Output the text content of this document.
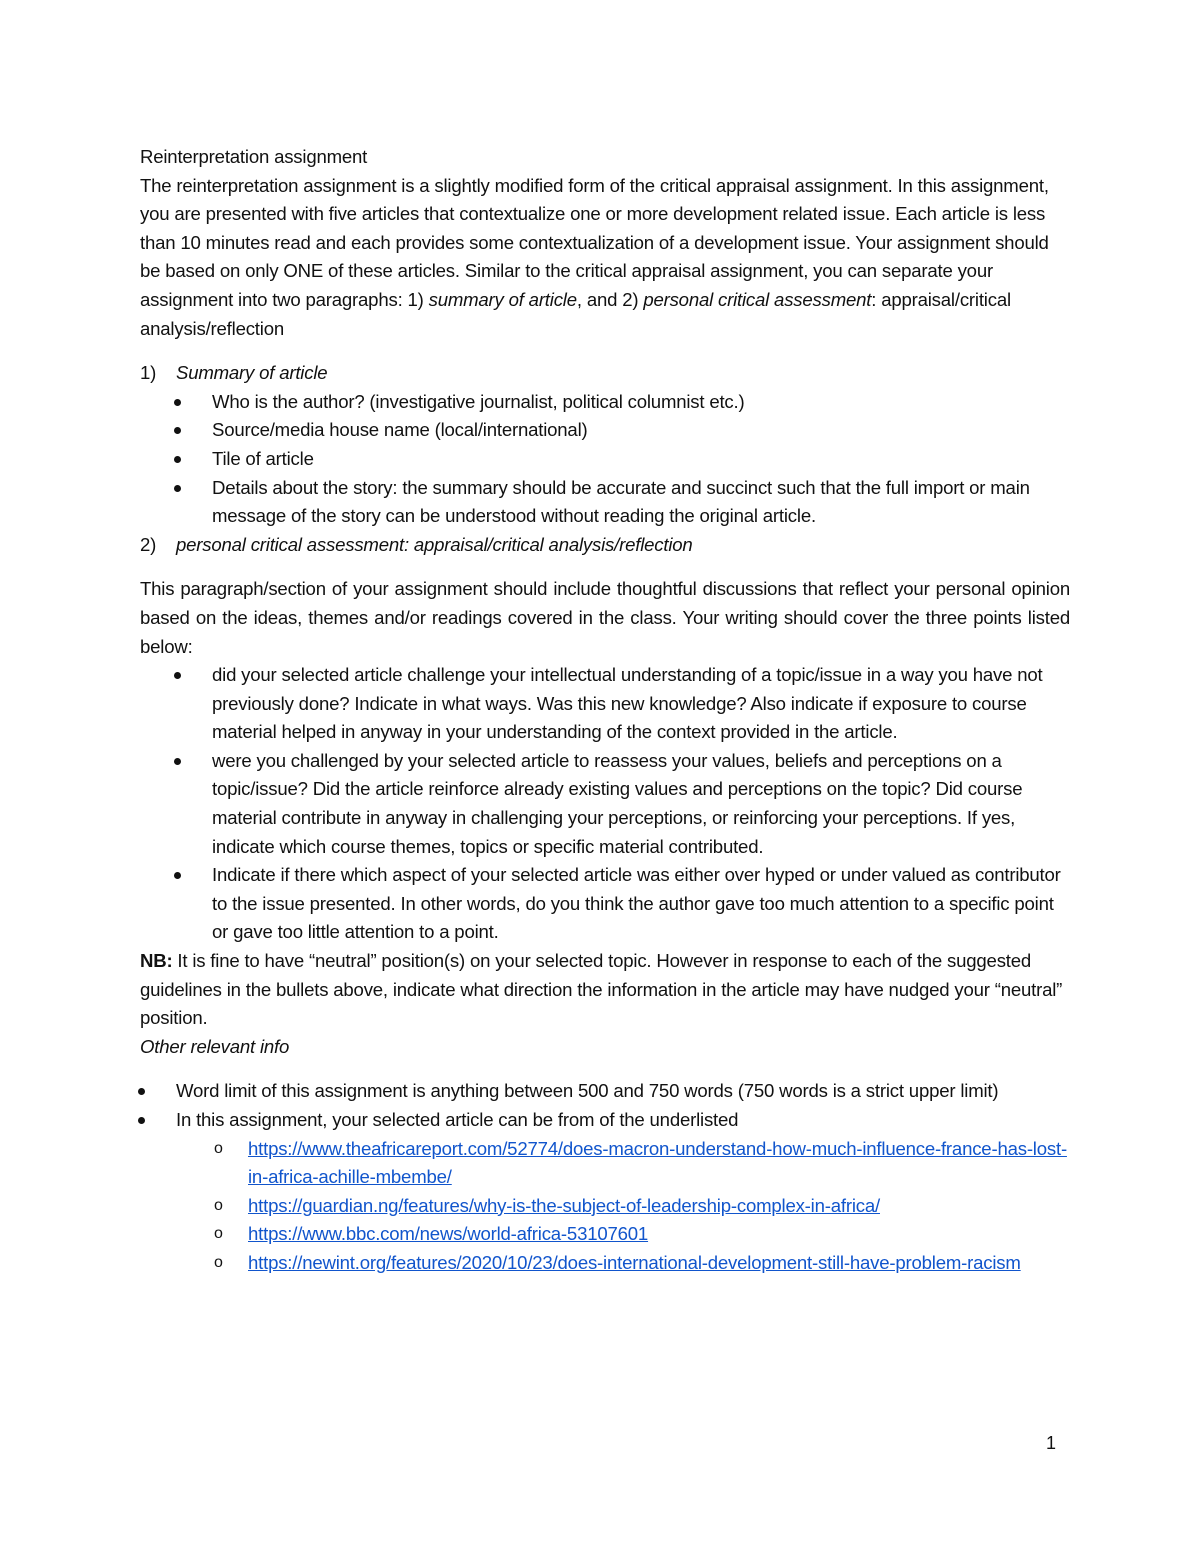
Reinterpretation assignment

The reinterpretation assignment is a slightly modified form of the critical appraisal assignment. In this assignment, you are presented with five articles that contextualize one or more development related issue. Each article is less than 10 minutes read and each provides some contextualization of a development issue. Your assignment should be based on only ONE of these articles. Similar to the critical appraisal assignment, you can separate your assignment into two paragraphs: 1) summary of article, and 2) personal critical assessment: appraisal/critical analysis/reflection

1) Summary of article
Who is the author? (investigative journalist, political columnist etc.)
Source/media house name (local/international)
Tile of article
Details about the story: the summary should be accurate and succinct such that the full import or main message of the story can be understood without reading the original article.
2) personal critical assessment: appraisal/critical analysis/reflection

This paragraph/section of your assignment should include thoughtful discussions that reflect your personal opinion based on the ideas, themes and/or readings covered in the class. Your writing should cover the three points listed below:

did your selected article challenge your intellectual understanding of a topic/issue in a way you have not previously done? Indicate in what ways. Was this new knowledge? Also indicate if exposure to course material helped in anyway in your understanding of the context provided in the article.
were you challenged by your selected article to reassess your values, beliefs and perceptions on a topic/issue? Did the article reinforce already existing values and perceptions on the topic? Did course material contribute in anyway in challenging your perceptions, or reinforcing your perceptions. If yes, indicate which course themes, topics or specific material contributed.
Indicate if there which aspect of your selected article was either over hyped or under valued as contributor to the issue presented. In other words, do you think the author gave too much attention to a specific point or gave too little attention to a point.

NB: It is fine to have “neutral” position(s) on your selected topic. However in response to each of the suggested guidelines in the bullets above, indicate what direction the information in the article may have nudged your “neutral” position.

Other relevant info

Word limit of this assignment is anything between 500 and 750 words (750 words is a strict upper limit)
In this assignment, your selected article can be from of the underlisted
o https://www.theafricareport.com/52774/does-macron-understand-how-much-influence-france-has-lost-in-africa-achille-mbembe/
o https://guardian.ng/features/why-is-the-subject-of-leadership-complex-in-africa/
o https://www.bbc.com/news/world-africa-53107601
o https://newint.org/features/2020/10/23/does-international-development-still-have-problem-racism
1
